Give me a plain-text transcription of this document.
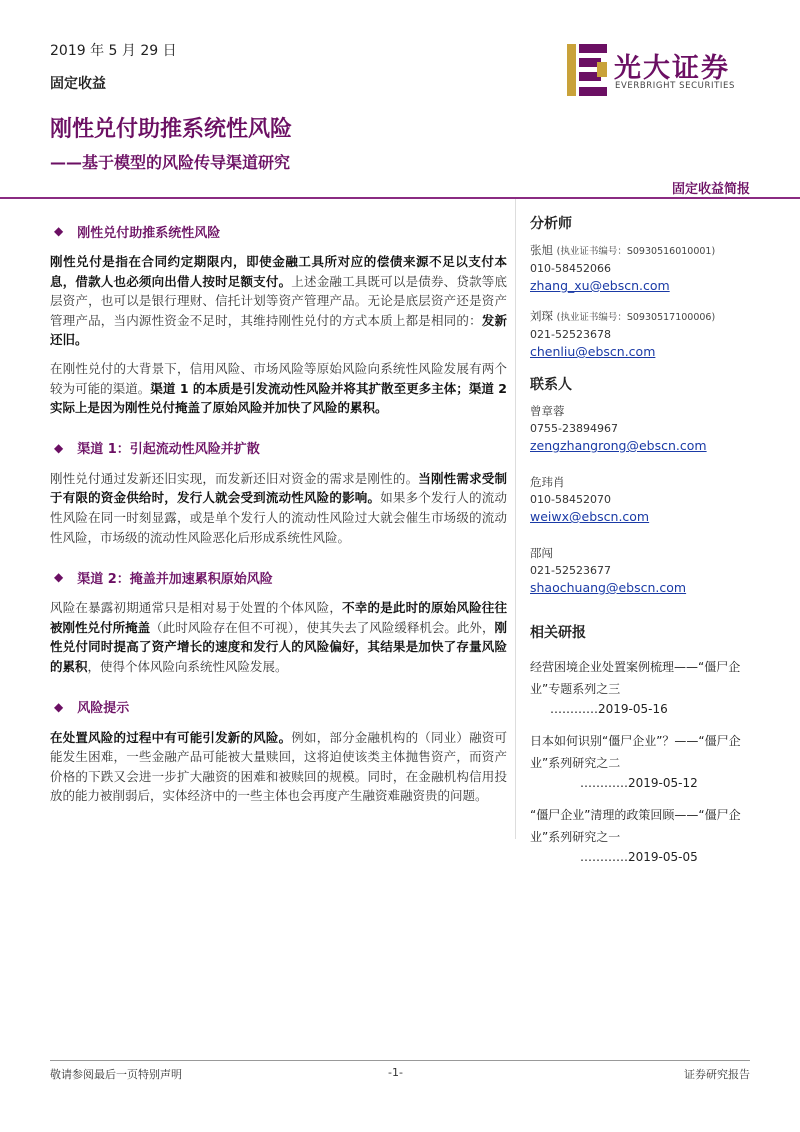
2019 年 5 月 29 日
固定收益
刚性兑付助推系统性风险
——基于模型的风险传导渠道研究
固定收益简报
光大证券
EVERBRIGHT SECURITIES
◆ 刚性兑付助推系统性风险

刚性兑付是指在合同约定期限内，即使金融工具所对应的偿债来源不足以支付本息，借款人也必须向出借人按时足额支付。上述金融工具既可以是债券、贷款等底层资产，也可以是银行理财、信托计划等资产管理产品。无论是底层资产还是资产管理产品，当内源性资金不足时，其维持刚性兑付的方式本质上都是相同的：发新还旧。

在刚性兑付的大背景下，信用风险、市场风险等原始风险向系统性风险发展有两个较为可能的渠道。渠道 1 的本质是引发流动性风险并将其扩散至更多主体；渠道 2 实际上是因为刚性兑付掩盖了原始风险并加快了风险的累积。

◆ 渠道 1：引起流动性风险并扩散

刚性兑付通过发新还旧实现，而发新还旧对资金的需求是刚性的。当刚性需求受制于有限的资金供给时，发行人就会受到流动性风险的影响。如果多个发行人的流动性风险在同一时刻显露，或是单个发行人的流动性风险过大就会催生市场级的流动性风险，市场级的流动性风险恶化后形成系统性风险。

◆ 渠道 2：掩盖并加速累积原始风险

风险在暴露初期通常只是相对易于处置的个体风险，不幸的是此时的原始风险往往被刚性兑付所掩盖（此时风险存在但不可视），使其失去了风险缓释机会。此外，刚性兑付同时提高了资产增长的速度和发行人的风险偏好，其结果是加快了存量风险的累积，使得个体风险向系统性风险发展。

◆ 风险提示

在处置风险的过程中有可能引发新的风险。例如，部分金融机构的（同业）融资可能发生困难，一些金融产品可能被大量赎回，这将迫使该类主体抛售资产，而资产价格的下跌又会进一步扩大融资的困难和被赎回的规模。同时，在金融机构信用投放的能力被削弱后，实体经济中的一些主体也会再度产生融资难融资贵的问题。

分析师
张旭 (执业证书编号：S0930516010001)
010-58452066
zhang_xu@ebscn.com
刘琛 (执业证书编号：S0930517100006)
021-52523678
chenliu@ebscn.com
联系人
曾章蓉
0755-23894967
zengzhangrong@ebscn.com
危玮肖
010-58452070
weiwx@ebscn.com
邵闯
021-52523677
shaochuang@ebscn.com
相关研报
经营困境企业处置案例梳理——“僵尸企业”专题系列之三
…………2019-05-16
日本如何识别“僵尸企业”？——“僵尸企业”系列研究之二
…………2019-05-12
“僵尸企业”清理的政策回顾——“僵尸企业”系列研究之一
…………2019-05-05
敬请参阅最后一页特别声明	-1-	证券研究报告
